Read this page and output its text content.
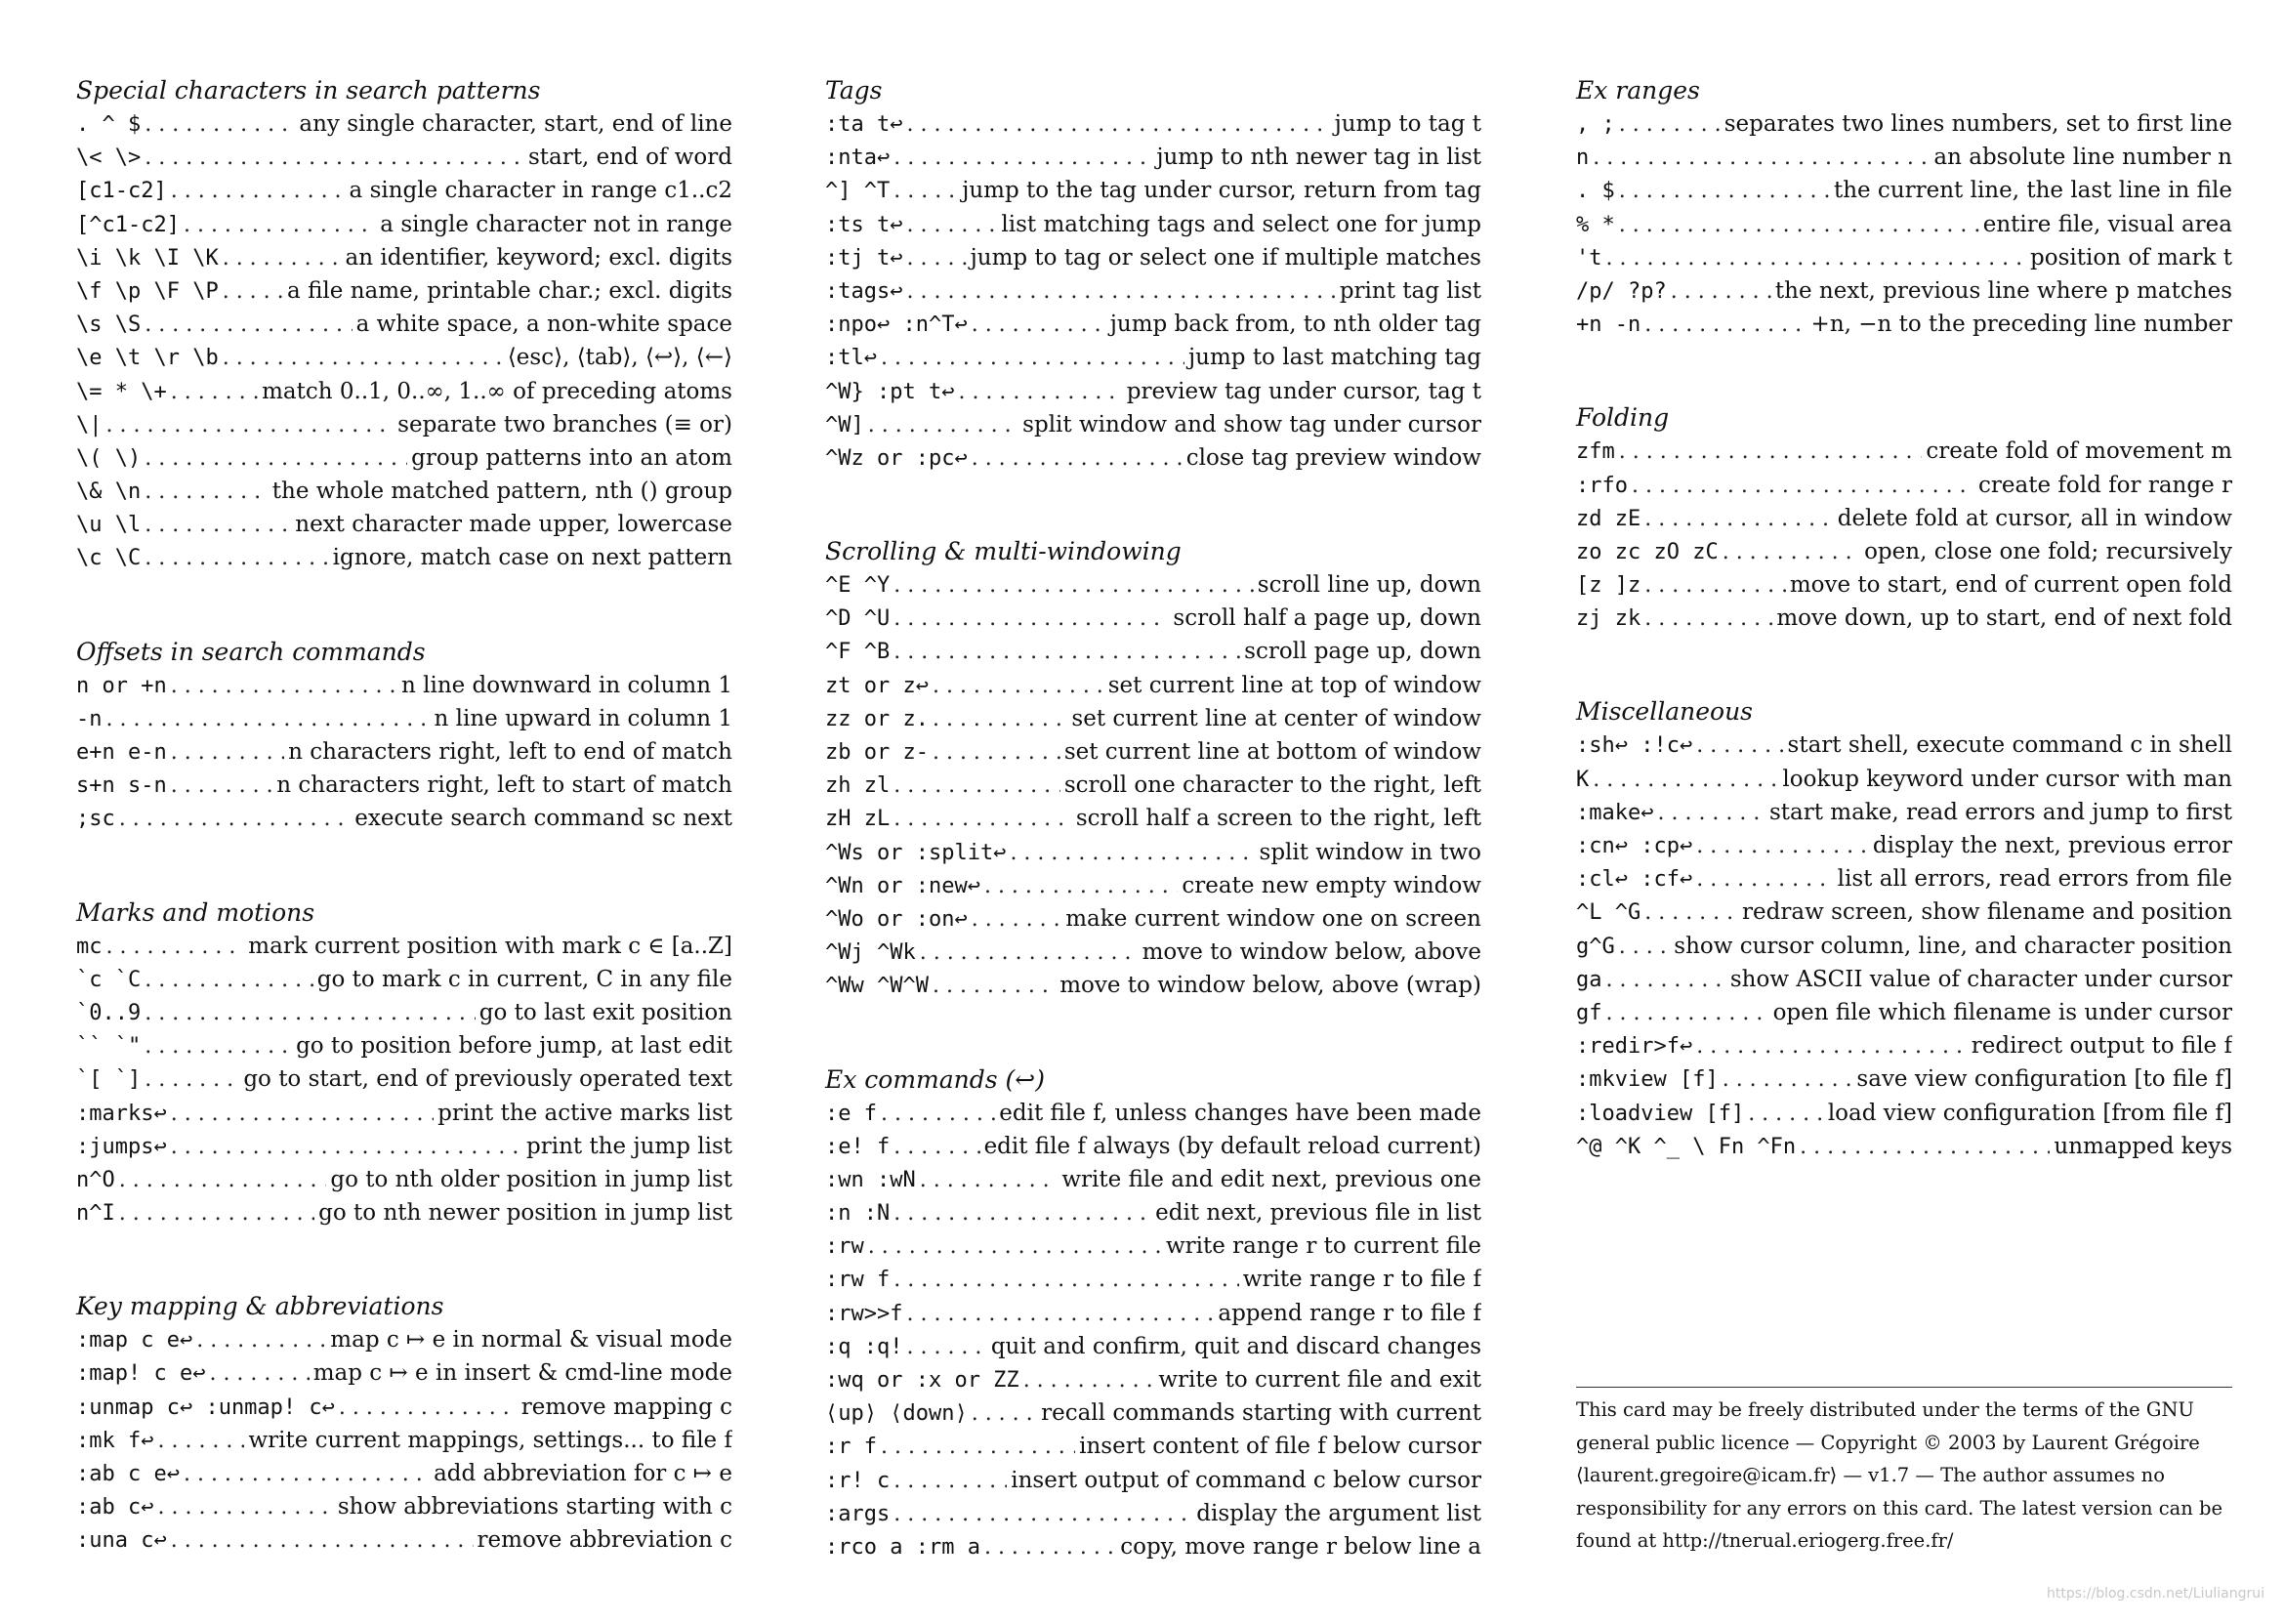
Special characters in search patterns
. ^ $ . . .	any single character, start, end of line
\< \> . . .	start, end of word
[c1-c2] . . .	a single character in range c1..c2
[^c1-c2] . . .	a single character not in range
\i \k \I \K . . .	an identifier, keyword; excl. digits
\f \p \F \P . . .	a file name, printable char.; excl. digits
\s \S . . .	a white space, a non-white space
\e \t \r \b . . .	⟨esc⟩, ⟨tab⟩, ⟨↩⟩, ⟨←⟩
\= * \+ . . .	match 0..1, 0..∞, 1..∞ of preceding atoms
\| . . .	separate two branches (≡ or)
\( \) . . .	group patterns into an atom
\& \n . . .	the whole matched pattern, nth () group
\u \l . . .	next character made upper, lowercase
\c \C . . .	ignore, match case on next pattern
Offsets in search commands
n or +n . . .	n line downward in column 1
-n . . .	n line upward in column 1
e+n e-n . . .	n characters right, left to end of match
s+n s-n . . .	n characters right, left to start of match
;sc . . .	execute search command sc next
Marks and motions
mc . . .	mark current position with mark c ∈ [a..Z]
`c `C . . .	go to mark c in current, C in any file
`0..9 . . .	go to last exit position
`` `" . . .	go to position before jump, at last edit
`[ `] . . .	go to start, end of previously operated text
:marks↩ . . .	print the active marks list
:jumps↩ . . .	print the jump list
n^O . . .	go to nth older position in jump list
n^I . . .	go to nth newer position in jump list
Key mapping & abbreviations
:map c e↩ . . .	map c ↦ e in normal & visual mode
:map! c e↩ . . .	map c ↦ e in insert & cmd-line mode
:unmap c↩ :unmap! c↩ . . .	remove mapping c
:mk f↩ . . .	write current mappings, settings... to file f
:ab c e↩ . . .	add abbreviation for c ↦ e
:ab c↩ . . .	show abbreviations starting with c
:una c↩ . . .	remove abbreviation c
Tags
:ta t↩ . . .	jump to tag t
:nta↩ . . .	jump to nth newer tag in list
^] ^T . . .	jump to the tag under cursor, return from tag
:ts t↩ . . .	list matching tags and select one for jump
:tj t↩ . . .	jump to tag or select one if multiple matches
:tags↩ . . .	print tag list
:npo↩ :n^T↩ . . .	jump back from, to nth older tag
:tl↩ . . .	jump to last matching tag
^W} :pt t↩ . . .	preview tag under cursor, tag t
^W] . . .	split window and show tag under cursor
^Wz or :pc↩ . . .	close tag preview window
Scrolling & multi-windowing
^E ^Y . . .	scroll line up, down
^D ^U . . .	scroll half a page up, down
^F ^B . . .	scroll page up, down
zt or z↩ . . .	set current line at top of window
zz or z. . . .	set current line at center of window
zb or z- . . .	set current line at bottom of window
zh zl . . .	scroll one character to the right, left
zH zL . . .	scroll half a screen to the right, left
^Ws or :split↩ . . .	split window in two
^Wn or :new↩ . . .	create new empty window
^Wo or :on↩ . . .	make current window one on screen
^Wj ^Wk . . .	move to window below, above
^Ww ^W^W . . .	move to window below, above (wrap)
Ex commands (↩)
:e f . . .	edit file f, unless changes have been made
:e! f . . .	edit file f always (by default reload current)
:wn :wN . . .	write file and edit next, previous one
:n :N . . .	edit next, previous file in list
:rw . . .	write range r to current file
:rw f . . .	write range r to file f
:rw>>f . . .	append range r to file f
:q :q! . . .	quit and confirm, quit and discard changes
:wq or :x or ZZ . . .	write to current file and exit
⟨up⟩ ⟨down⟩ . . .	recall commands starting with current
:r f . . .	insert content of file f below cursor
:r! c . . .	insert output of command c below cursor
:args . . .	display the argument list
:rco a :rm a . . .	copy, move range r below line a
Ex ranges
, ; . . .	separates two lines numbers, set to first line
n . . .	an absolute line number n
. $ . . .	the current line, the last line in file
% * . . .	entire file, visual area
't . . .	position of mark t
/p/ ?p? . . .	the next, previous line where p matches
+n -n . . .	+n, −n to the preceding line number
Folding
zfm . . .	create fold of movement m
:rfo . . .	create fold for range r
zd zE . . .	delete fold at cursor, all in window
zo zc zO zC . . .	open, close one fold; recursively
[z ]z . . .	move to start, end of current open fold
zj zk . . .	move down, up to start, end of next fold
Miscellaneous
:sh↩ :!c↩ . . .	start shell, execute command c in shell
K . . .	lookup keyword under cursor with man
:make↩ . . .	start make, read errors and jump to first
:cn↩ :cp↩ . . .	display the next, previous error
:cl↩ :cf↩ . . .	list all errors, read errors from file
^L ^G . . .	redraw screen, show filename and position
g^G . . .	show cursor column, line, and character position
ga . . .	show ASCII value of character under cursor
gf . . .	open file which filename is under cursor
:redir>f↩ . . .	redirect output to file f
:mkview [f] . . .	save view configuration [to file f]
:loadview [f] . . .	load view configuration [from file f]
^@ ^K ^_ \ Fn ^Fn . . .	unmapped keys
This card may be freely distributed under the terms of the GNU general public licence — Copyright © 2003 by Laurent Grégoire ⟨laurent.gregoire@icam.fr⟩ — v1.7 — The author assumes no responsibility for any errors on this card. The latest version can be found at http://tnerual.eriogerg.free.fr/
https://blog.csdn.net/Liuliangrui
